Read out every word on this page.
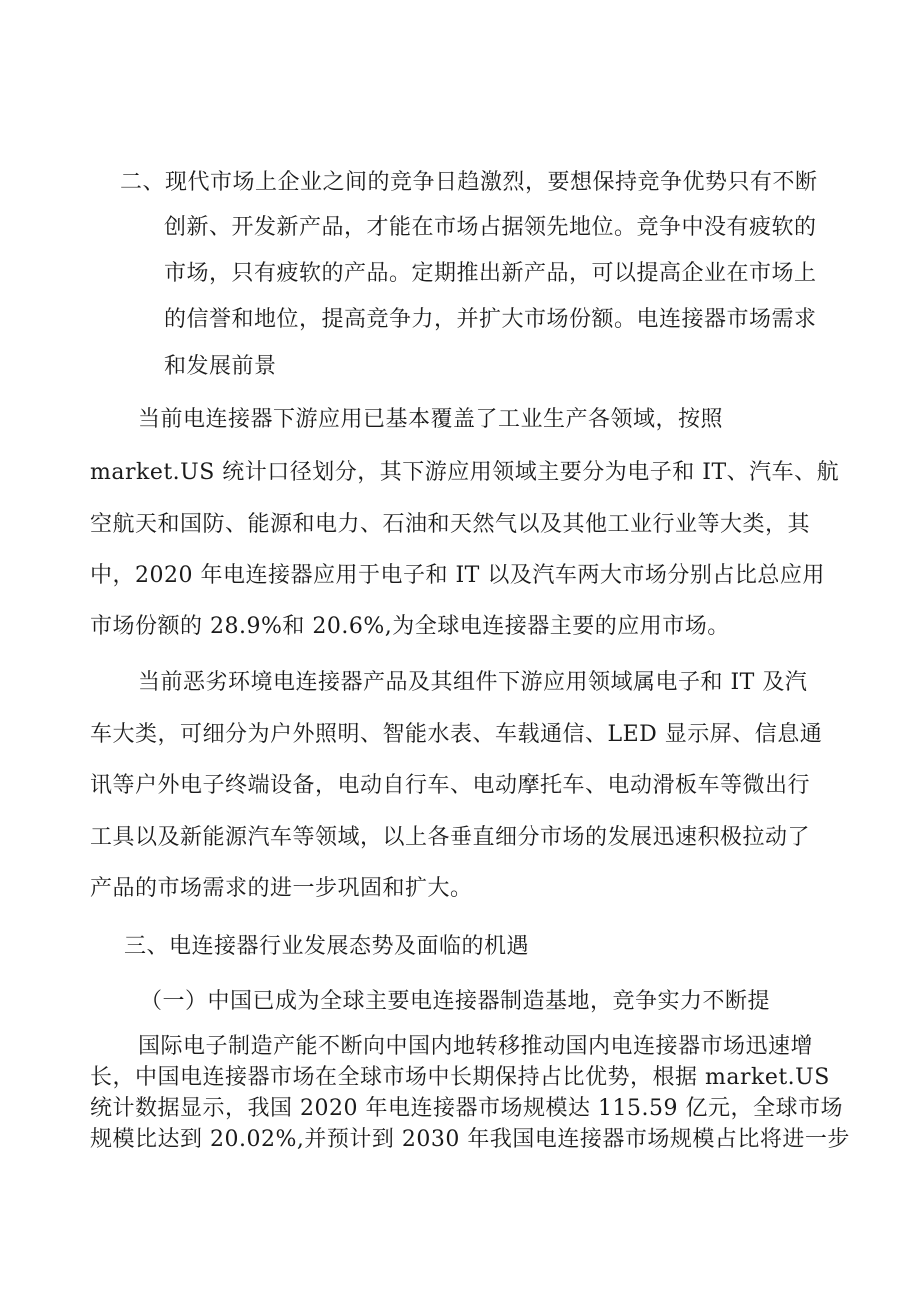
二、现代市场上企业之间的竞争日趋激烈，要想保持竞争优势只有不断
创新、开发新产品，才能在市场占据领先地位。竞争中没有疲软的
市场，只有疲软的产品。定期推出新产品，可以提高企业在市场上
的信誉和地位，提高竞争力，并扩大市场份额。电连接器市场需求
和发展前景
当前电连接器下游应用已基本覆盖了工业生产各领域，按照
market.US 统计口径划分，其下游应用领域主要分为电子和 IT、汽车、航
空航天和国防、能源和电力、石油和天然气以及其他工业行业等大类，其
中，2020 年电连接器应用于电子和 IT 以及汽车两大市场分别占比总应用
市场份额的 28.9%和 20.6%,为全球电连接器主要的应用市场。
当前恶劣环境电连接器产品及其组件下游应用领域属电子和 IT 及汽
车大类，可细分为户外照明、智能水表、车载通信、LED 显示屏、信息通
讯等户外电子终端设备，电动自行车、电动摩托车、电动滑板车等微出行
工具以及新能源汽车等领域，以上各垂直细分市场的发展迅速积极拉动了
产品的市场需求的进一步巩固和扩大。
三、电连接器行业发展态势及面临的机遇
（一）中国已成为全球主要电连接器制造基地，竞争实力不断提
国际电子制造产能不断向中国内地转移推动国内电连接器市场迅速增
长，中国电连接器市场在全球市场中长期保持占比优势，根据 market.US
统计数据显示，我国 2020 年电连接器市场规模达 115.59 亿元，全球市场
规模比达到 20.02%,并预计到 2030 年我国电连接器市场规模占比将进一步
